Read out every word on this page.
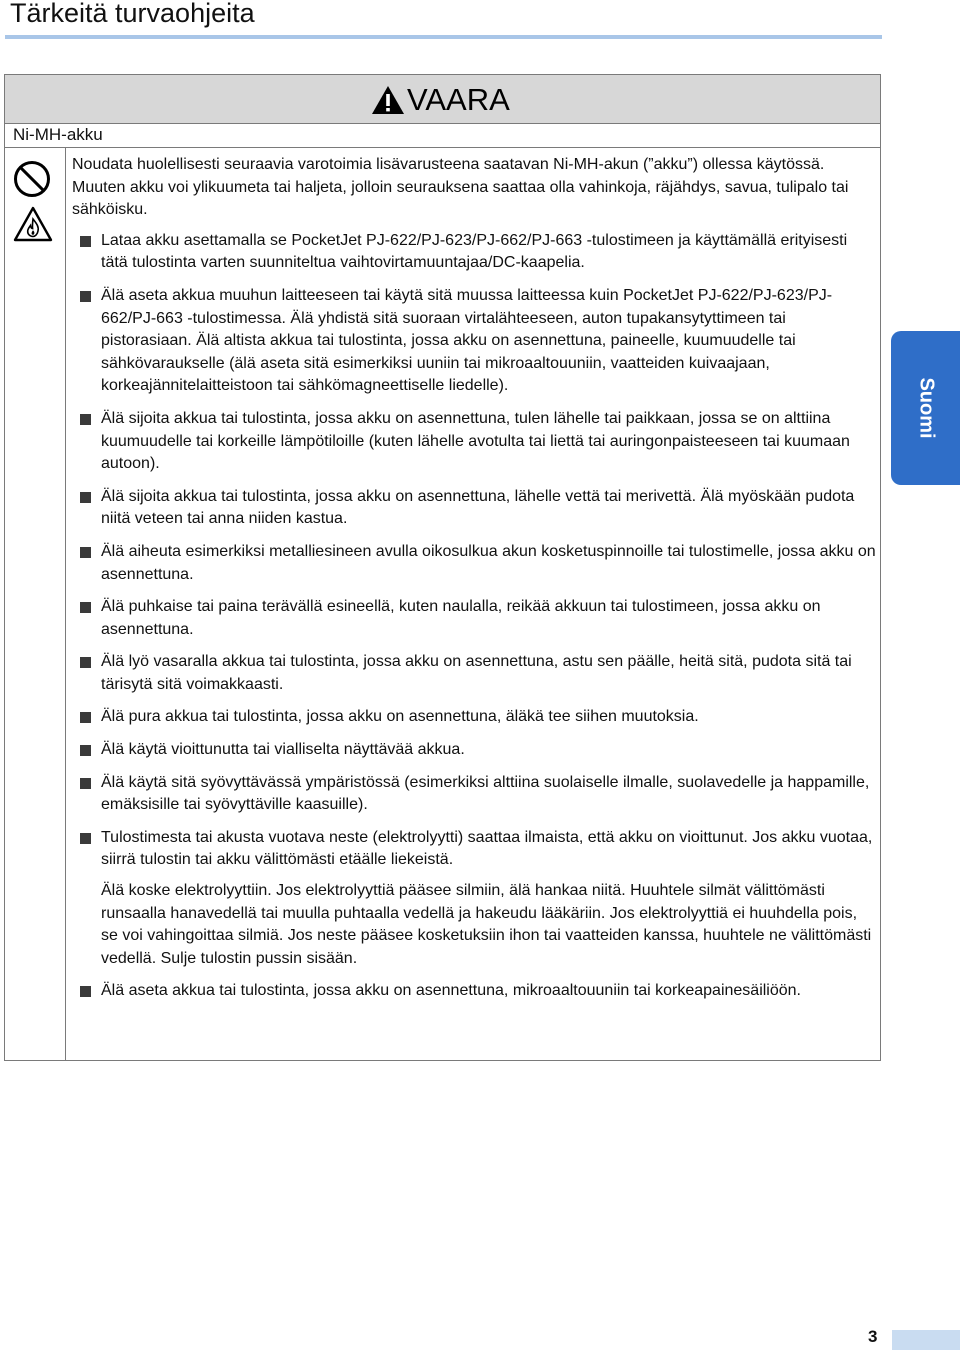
Tärkeitä turvaohjeita
VAARA
Ni-MH-akku

Noudata huolellisesti seuraavia varotoimia lisävarusteena saatavan Ni-MH-akun (”akku”) ollessa käytössä. Muuten akku voi ylikuumeta tai haljeta, jolloin seurauksena saattaa olla vahinkoja, räjähdys, savua, tulipalo tai sähköisku.

Lataa akku asettamalla se PocketJet PJ-622/PJ-623/PJ-662/PJ-663 -tulostimeen ja käyttämällä erityisesti tätä tulostinta varten suunniteltua vaihtovirtamuuntajaa/DC-kaapelia.
Älä aseta akkua muuhun laitteeseen tai käytä sitä muussa laitteessa kuin PocketJet PJ-622/PJ-623/PJ-662/PJ-663 -tulostimessa. Älä yhdistä sitä suoraan virtalähteeseen, auton tupakansytyttimeen tai pistorasiaan. Älä altista akkua tai tulostinta, jossa akku on asennettuna, paineelle, kuumuudelle tai sähkövaraukselle (älä aseta sitä esimerkiksi uuniin tai mikroaaltouuniin, vaatteiden kuivaajaan, korkeajännitelaitteistoon tai sähkömagneettiselle liedelle).
Älä sijoita akkua tai tulostinta, jossa akku on asennettuna, tulen lähelle tai paikkaan, jossa se on alttiina kuumuudelle tai korkeille lämpötiloille (kuten lähelle avotulta tai liettä tai auringonpaisteeseen tai kuumaan autoon).
Älä sijoita akkua tai tulostinta, jossa akku on asennettuna, lähelle vettä tai merivettä. Älä myöskään pudota niitä veteen tai anna niiden kastua.
Älä aiheuta esimerkiksi metalliesineen avulla oikosulkua akun kosketuspinnoille tai tulostimelle, jossa akku on asennettuna.
Älä puhkaise tai paina terävällä esineellä, kuten naulalla, reikää akkuun tai tulostimeen, jossa akku on asennettuna.
Älä lyö vasaralla akkua tai tulostinta, jossa akku on asennettuna, astu sen päälle, heitä sitä, pudota sitä tai tärisytä sitä voimakkaasti.
Älä pura akkua tai tulostinta, jossa akku on asennettuna, äläkä tee siihen muutoksia.
Älä käytä vioittunutta tai vialliselta näyttävää akkua.
Älä käytä sitä syövyttävässä ympäristössä (esimerkiksi alttiina suolaiselle ilmalle, suolavedelle ja happamille, emäksisille tai syövyttäville kaasuille).
Tulostimesta tai akusta vuotava neste (elektrolyytti) saattaa ilmaista, että akku on vioittunut. Jos akku vuotaa, siirrä tulostin tai akku välittömästi etäälle liekeistä.

Älä koske elektrolyyttiin. Jos elektrolyyttiä pääsee silmiin, älä hankaa niitä. Huuhtele silmät välittömästi runsaalla hanavedellä tai muulla puhtaalla vedellä ja hakeudu lääkäriin. Jos elektrolyyttiä ei huuhdella pois, se voi vahingoittaa silmiä. Jos neste pääsee kosketuksiin ihon tai vaatteiden kanssa, huuhtele ne välittömästi vedellä. Sulje tulostin pussin sisään.

Älä aseta akkua tai tulostinta, jossa akku on asennettuna, mikroaaltouuniin tai korkeapainesäiliöön.
Suomi
3
